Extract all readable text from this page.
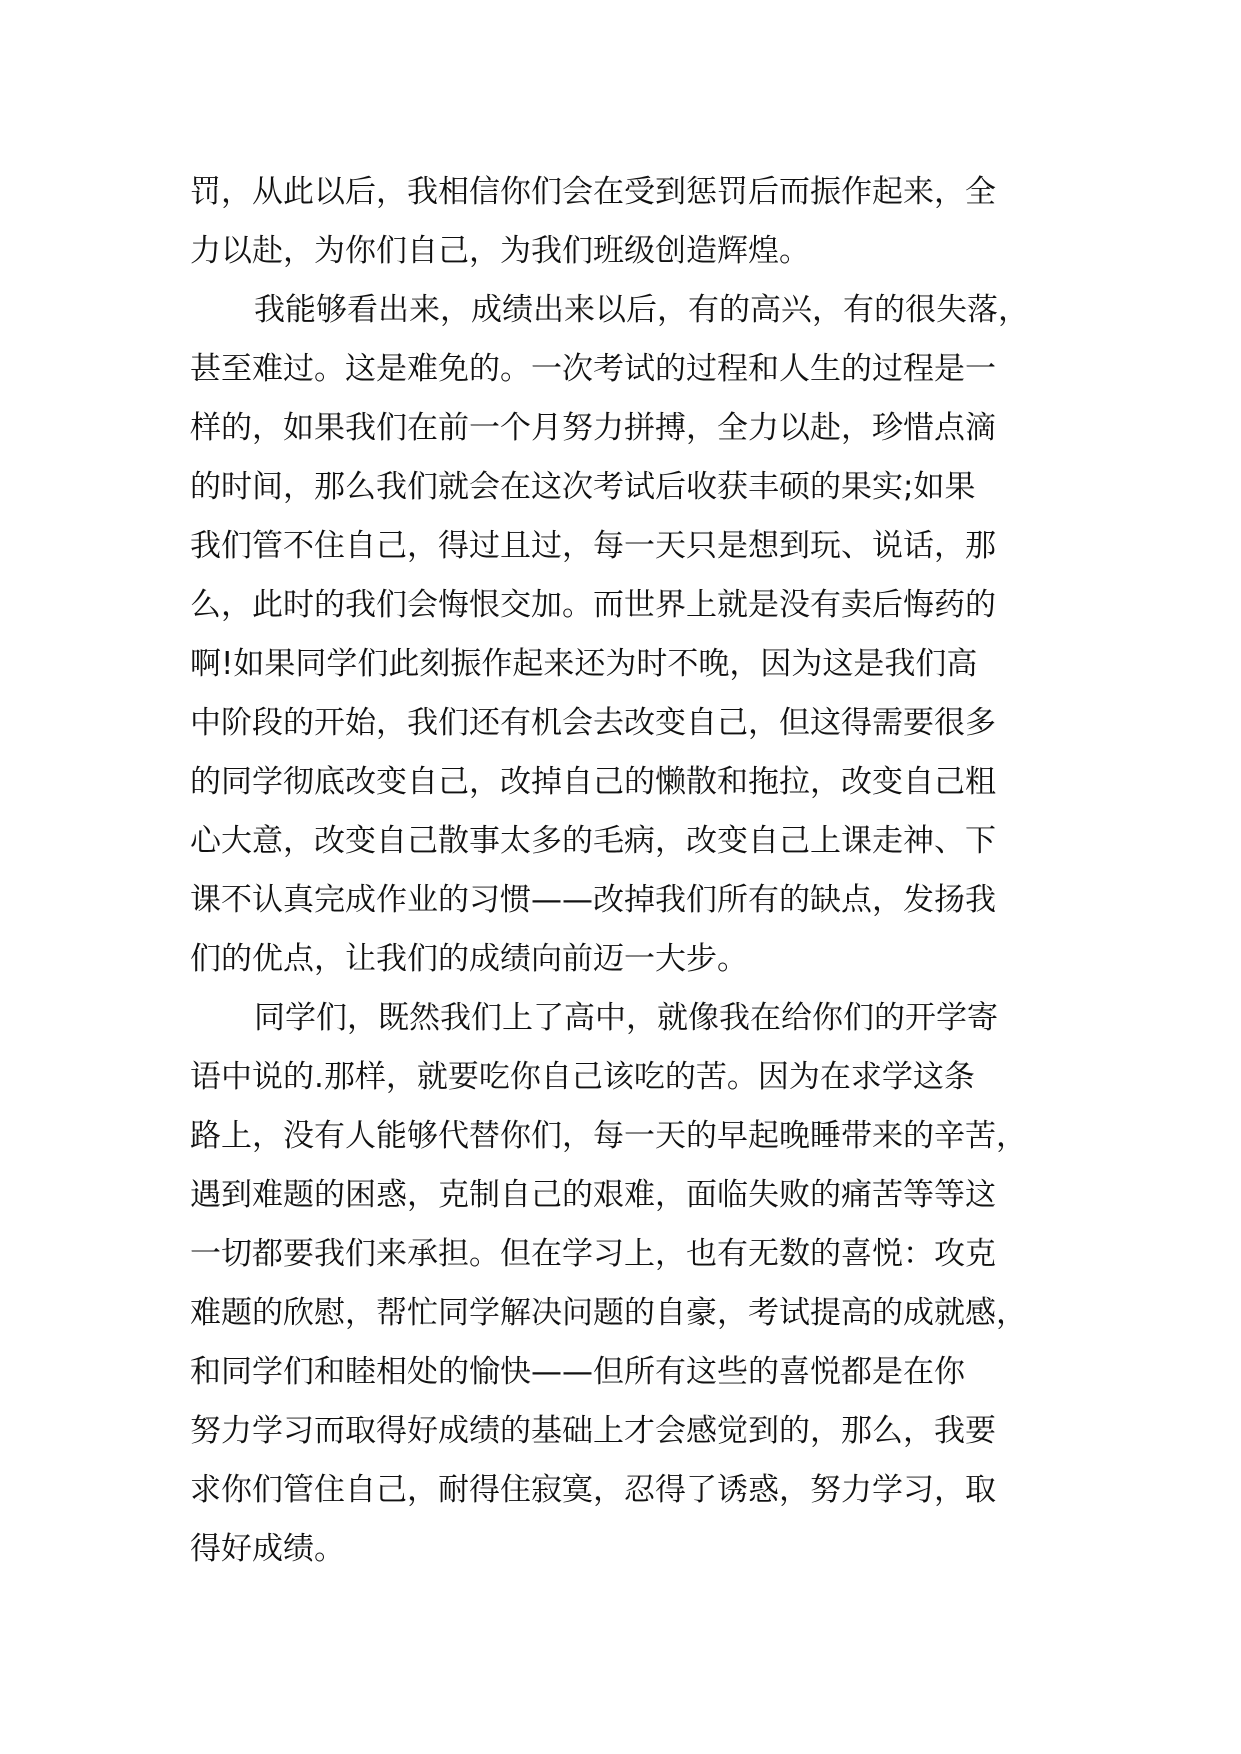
罚，从此以后，我相信你们会在受到惩罚后而振作起来，全
力以赴，为你们自己，为我们班级创造辉煌。
我能够看出来，成绩出来以后，有的高兴，有的很失落，
甚至难过。这是难免的。一次考试的过程和人生的过程是一
样的，如果我们在前一个月努力拼搏，全力以赴，珍惜点滴
的时间，那么我们就会在这次考试后收获丰硕的果实;如果
我们管不住自己，得过且过，每一天只是想到玩、说话，那
么，此时的我们会悔恨交加。而世界上就是没有卖后悔药的
啊!如果同学们此刻振作起来还为时不晚，因为这是我们高
中阶段的开始，我们还有机会去改变自己，但这得需要很多
的同学彻底改变自己，改掉自己的懒散和拖拉，改变自己粗
心大意，改变自己散事太多的毛病，改变自己上课走神、下
课不认真完成作业的习惯——改掉我们所有的缺点，发扬我
们的优点，让我们的成绩向前迈一大步。
同学们，既然我们上了高中，就像我在给你们的开学寄
语中说的.那样，就要吃你自己该吃的苦。因为在求学这条
路上，没有人能够代替你们，每一天的早起晚睡带来的辛苦，
遇到难题的困惑，克制自己的艰难，面临失败的痛苦等等这
一切都要我们来承担。但在学习上，也有无数的喜悦：攻克
难题的欣慰，帮忙同学解决问题的自豪，考试提高的成就感，
和同学们和睦相处的愉快——但所有这些的喜悦都是在你
努力学习而取得好成绩的基础上才会感觉到的，那么，我要
求你们管住自己，耐得住寂寞，忍得了诱惑，努力学习，取
得好成绩。
